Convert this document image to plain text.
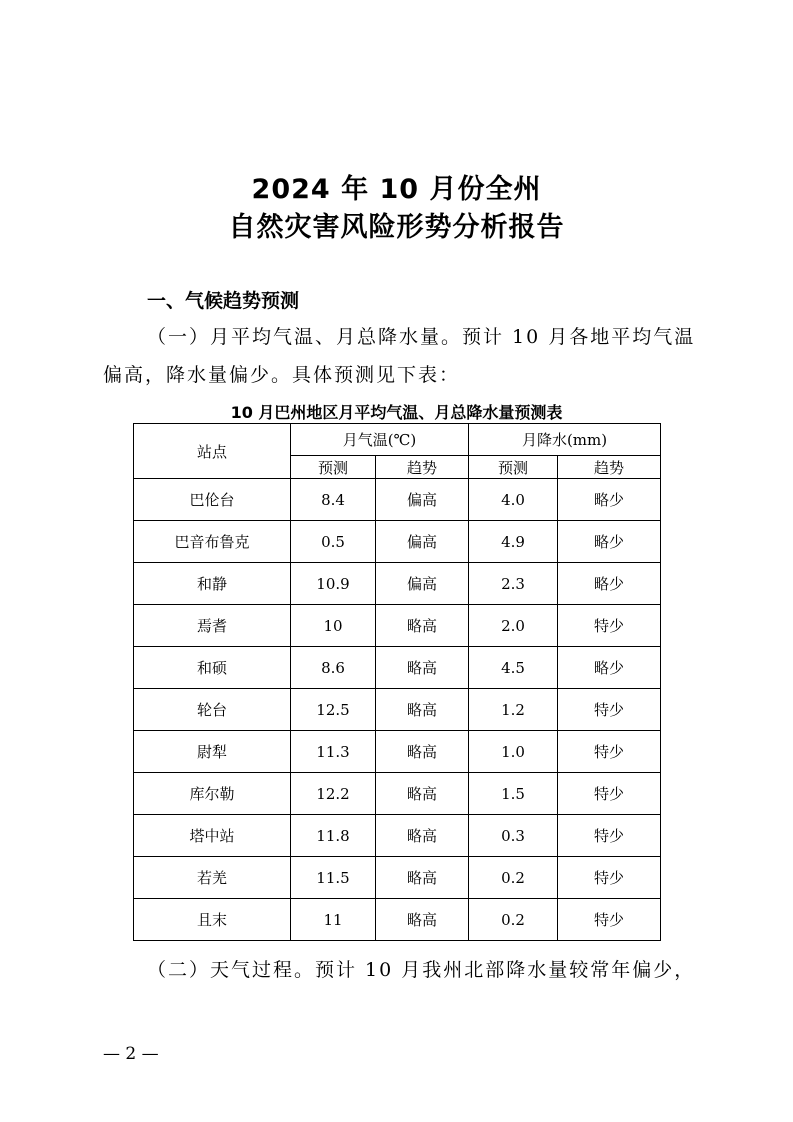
2024 年 10 月份全州
自然灾害风险形势分析报告
一、气候趋势预测
（一）月平均气温、月总降水量。预计 10 月各地平均气温
偏高，降水量偏少。具体预测见下表：
10 月巴州地区月平均气温、月总降水量预测表
站点	月气温(℃)		月降水(mm)	
	预测	趋势	预测	趋势
巴伦台	8.4	偏高	4.0	略少
巴音布鲁克	0.5	偏高	4.9	略少
和静	10.9	偏高	2.3	略少
焉耆	10	略高	2.0	特少
和硕	8.6	略高	4.5	略少
轮台	12.5	略高	1.2	特少
尉犁	11.3	略高	1.0	特少
库尔勒	12.2	略高	1.5	特少
塔中站	11.8	略高	0.3	特少
若羌	11.5	略高	0.2	特少
且末	11	略高	0.2	特少
（二）天气过程。预计 10 月我州北部降水量较常年偏少，
— 2 —
